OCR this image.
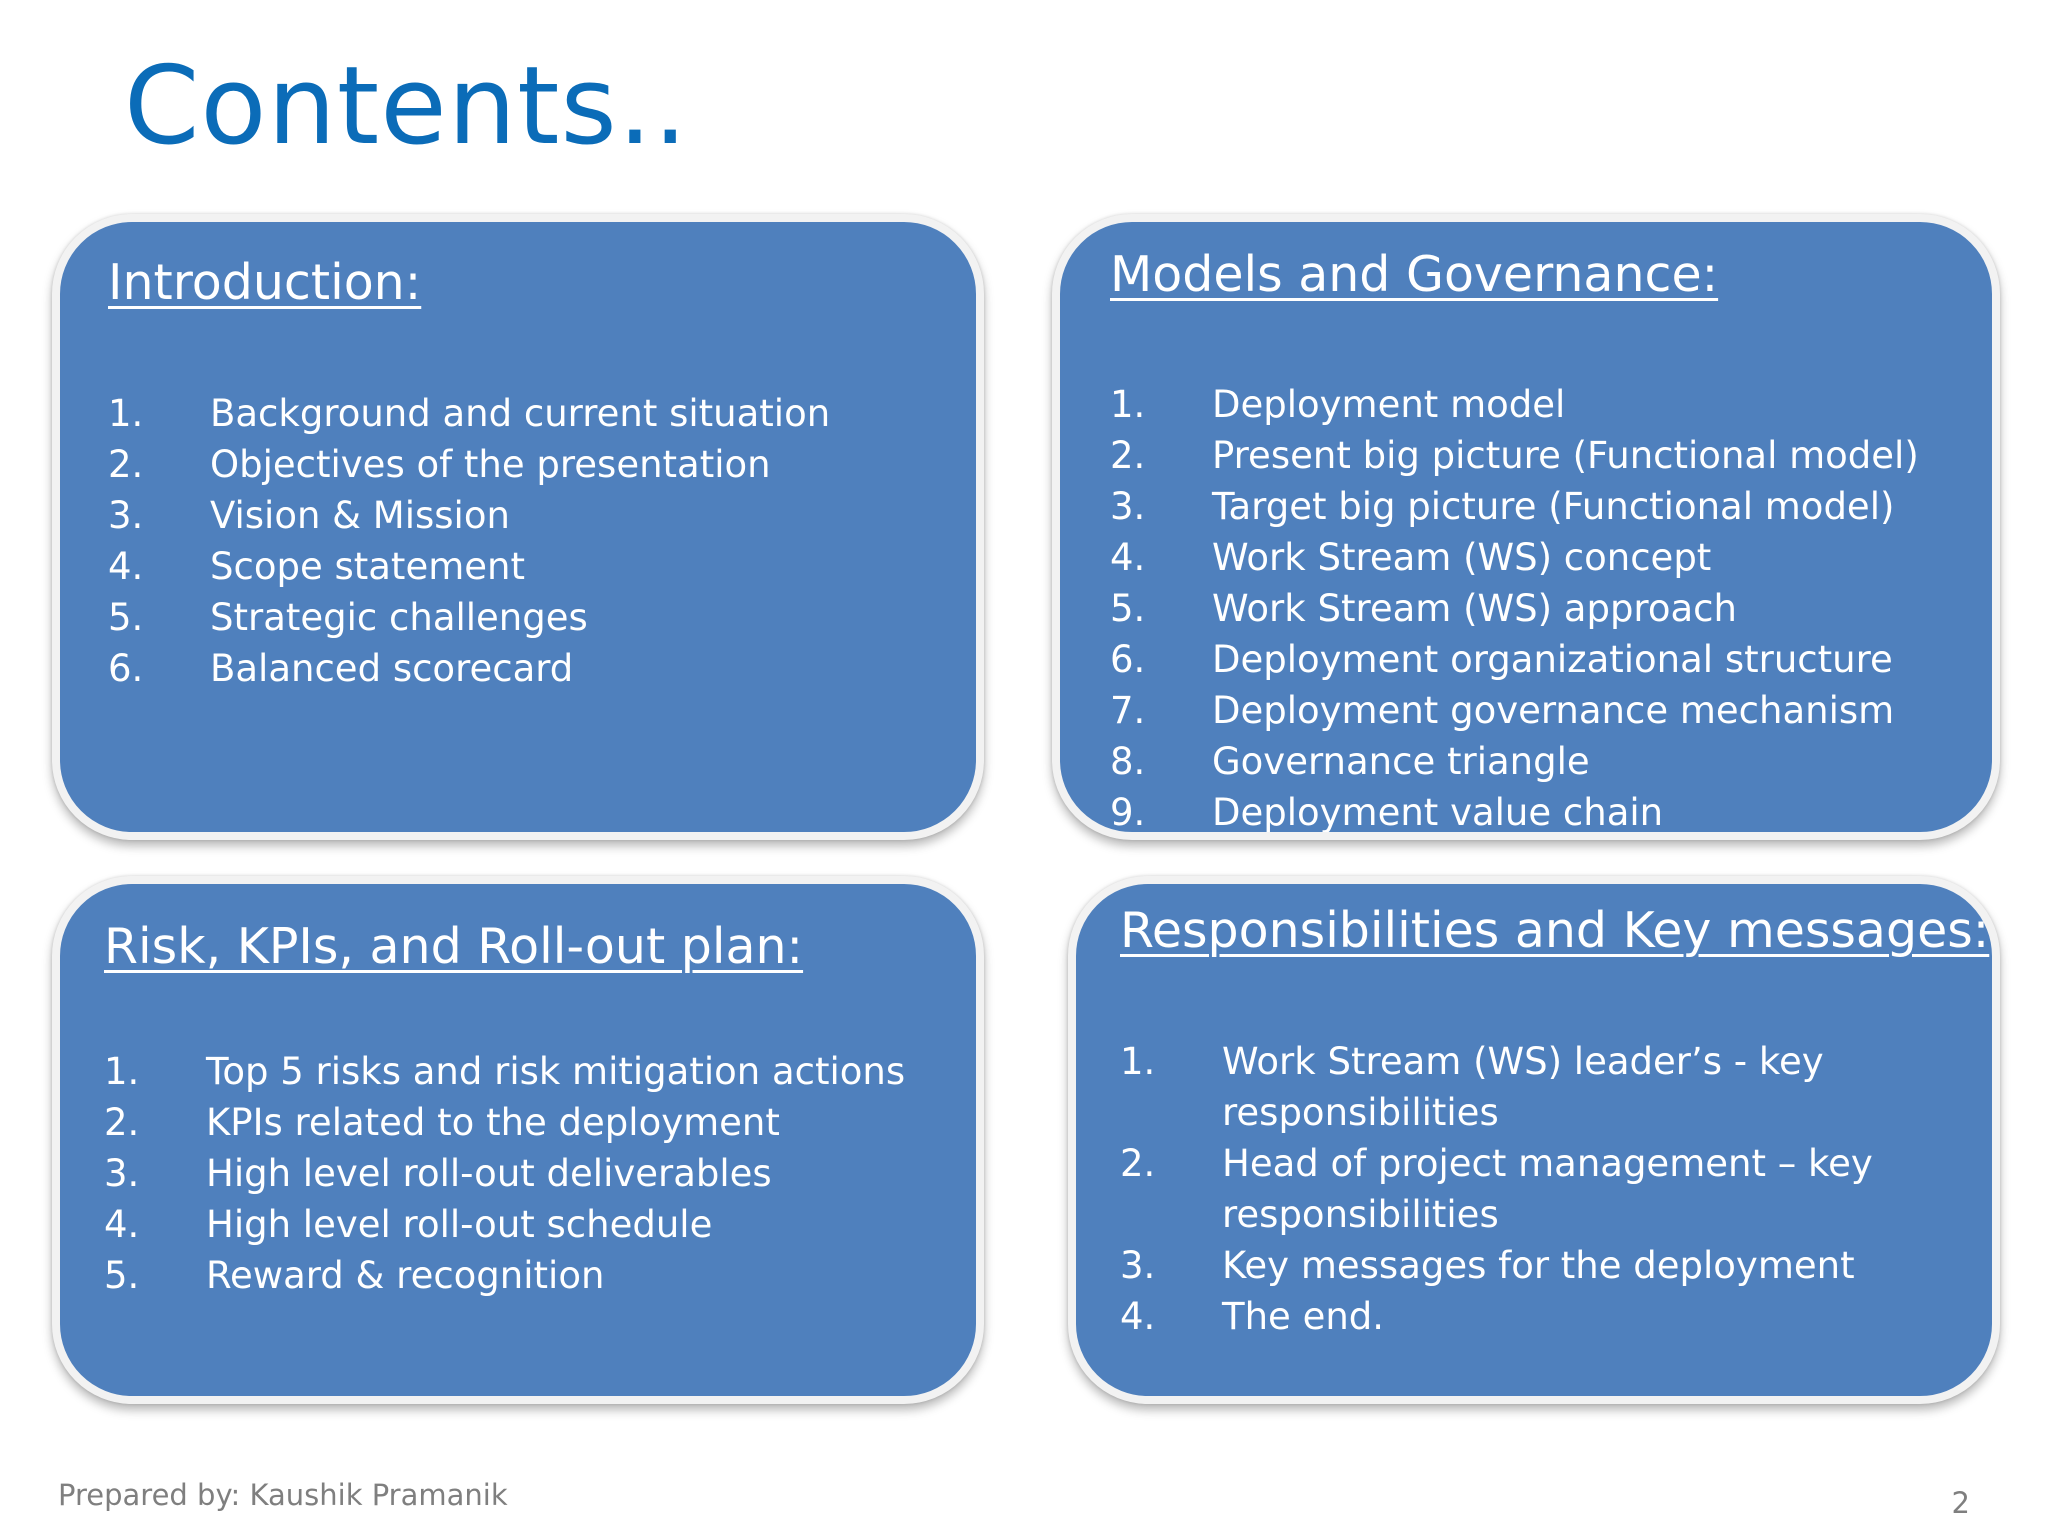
Contents..
Introduction:
1. Background and current situation
2. Objectives of the presentation
3. Vision & Mission
4. Scope statement
5. Strategic challenges
6. Balanced scorecard
Models and Governance:
1. Deployment model
2. Present big picture (Functional model)
3. Target big picture (Functional model)
4. Work Stream (WS) concept
5. Work Stream (WS) approach
6. Deployment organizational structure
7. Deployment governance mechanism
8. Governance triangle
9. Deployment value chain
Risk, KPIs, and Roll-out plan:
1. Top 5 risks and risk mitigation actions
2. KPIs related to the deployment
3. High level roll-out deliverables
4. High level roll-out schedule
5. Reward & recognition
Responsibilities and Key messages:
1. Work Stream (WS) leader’s - key responsibilities
2. Head of project management – key responsibilities
3. Key messages for the deployment
4. The end.
Prepared by: Kaushik Pramanik	2
